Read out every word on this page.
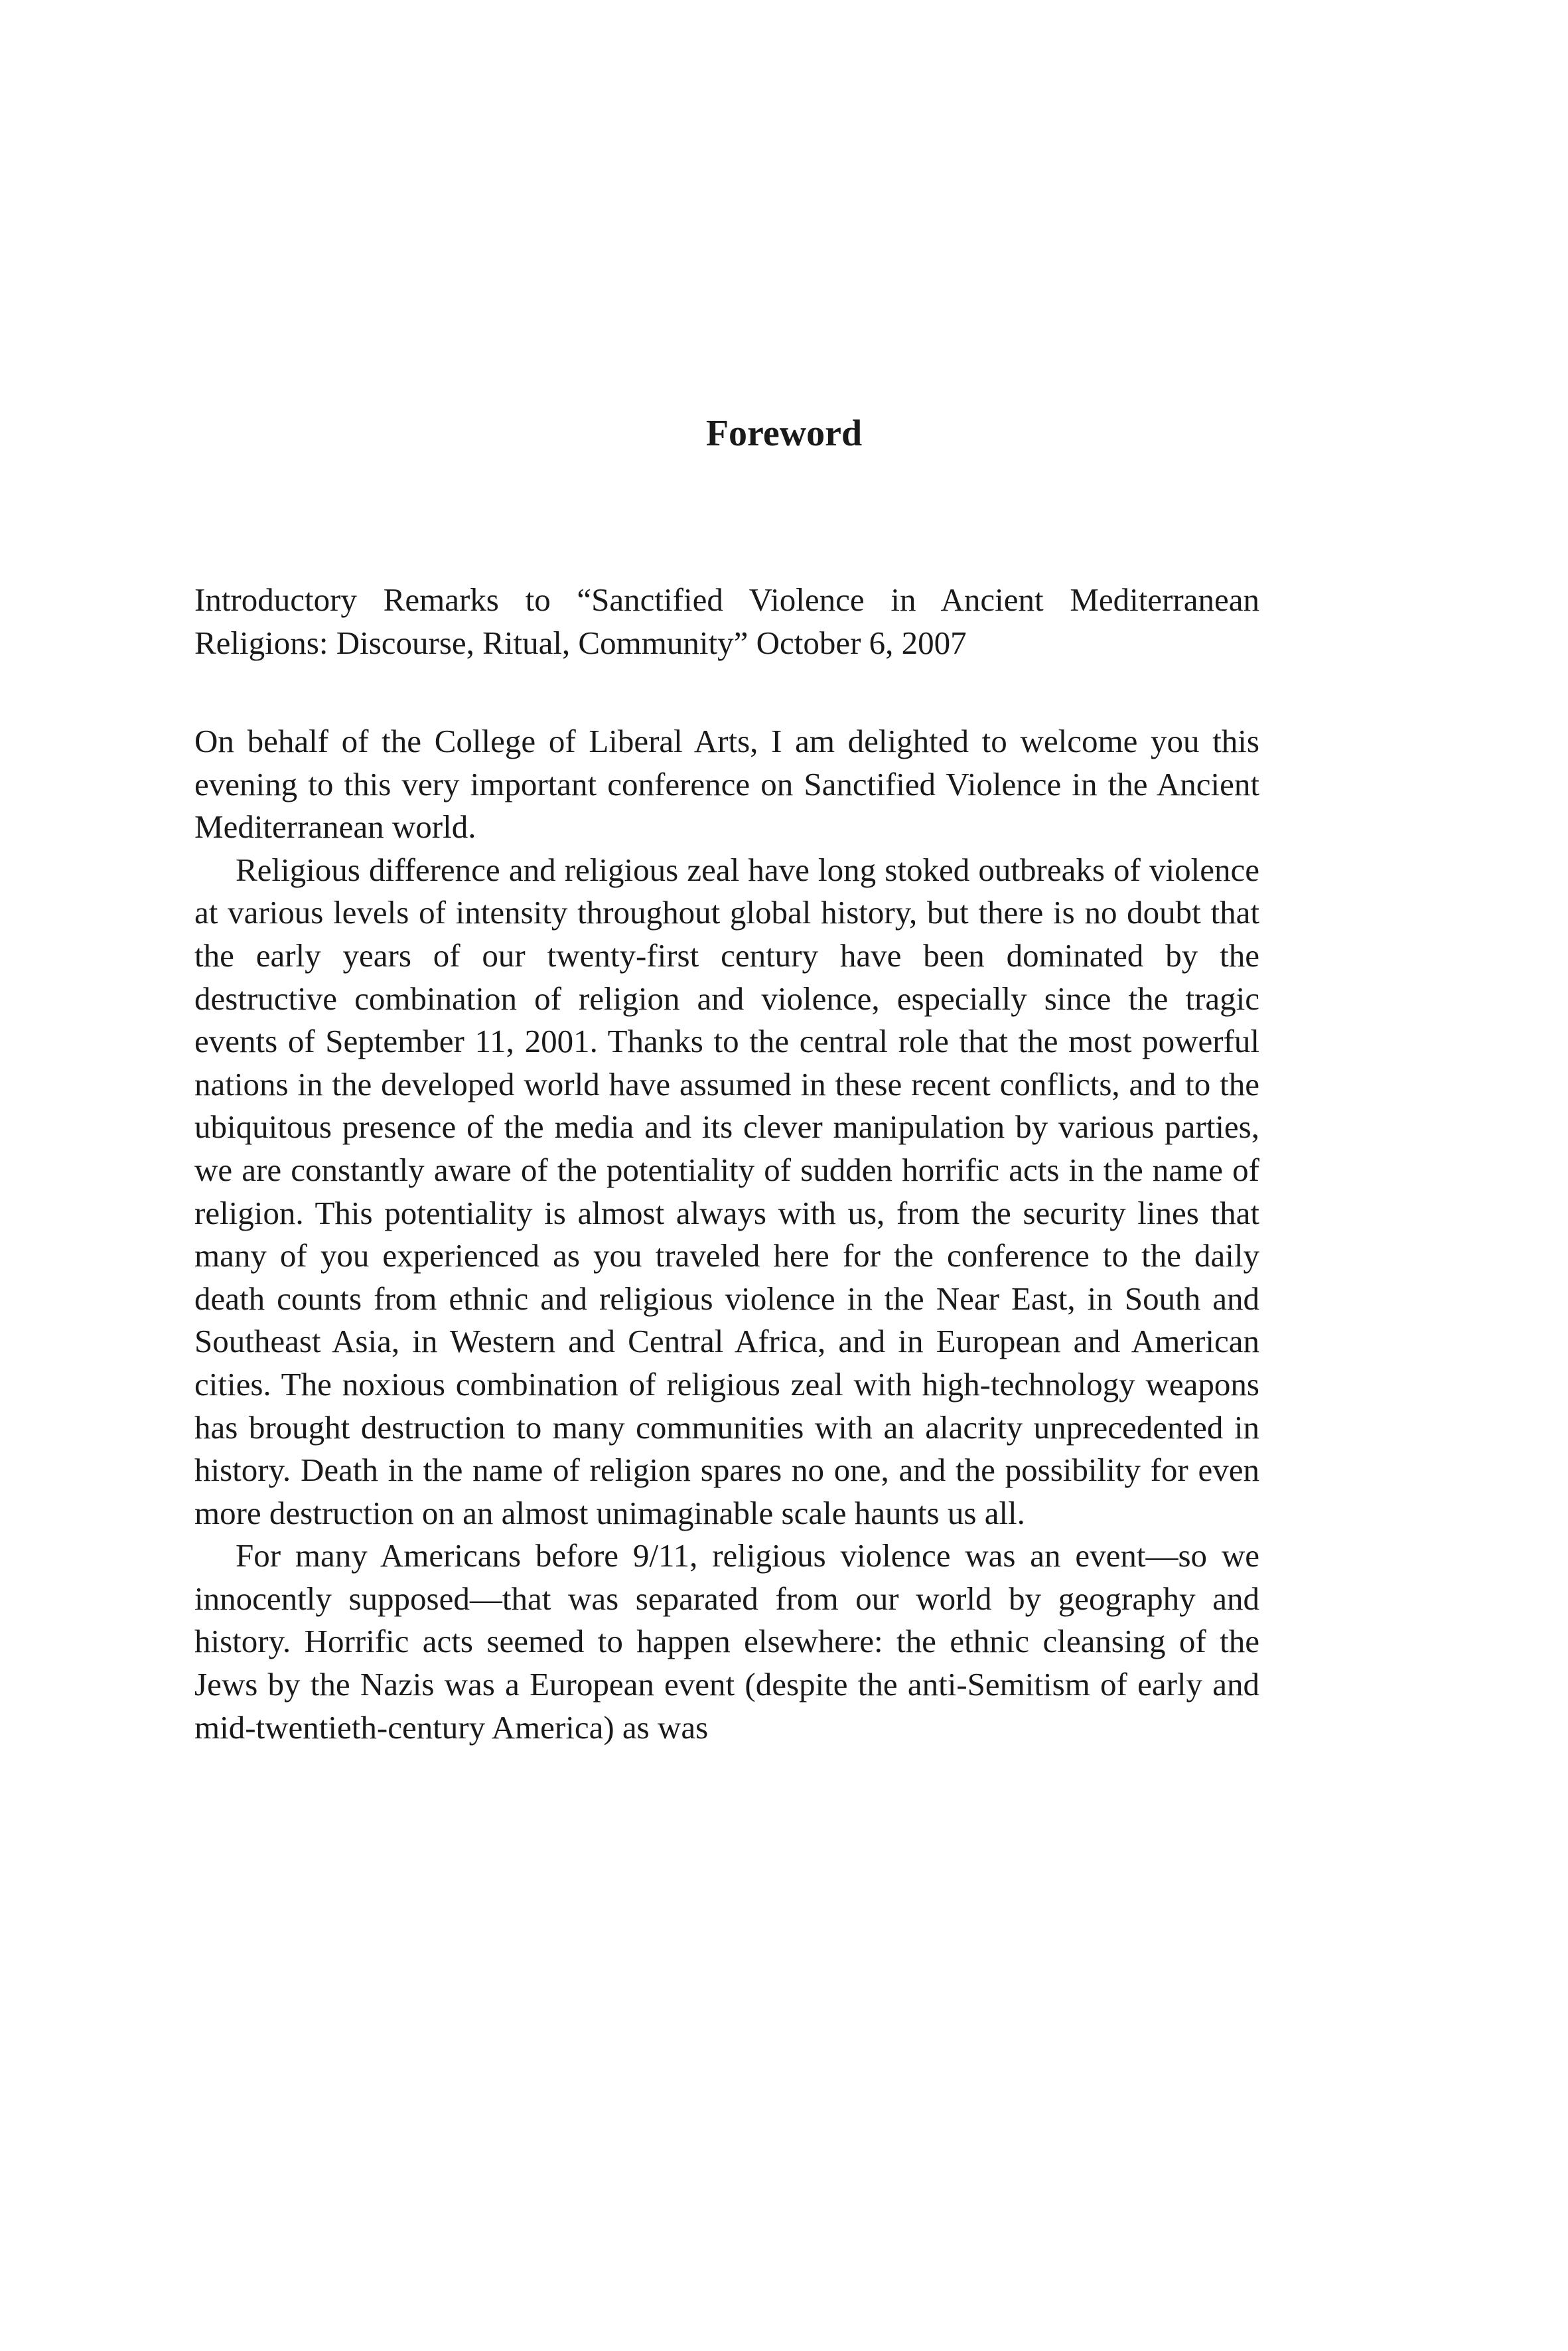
Foreword

Introductory Remarks to “Sanctified Violence in Ancient Mediterranean Religions: Discourse, Ritual, Community” October 6, 2007

On behalf of the College of Liberal Arts, I am delighted to welcome you this evening to this very important conference on Sanctified Violence in the Ancient Mediterranean world.

Religious difference and religious zeal have long stoked outbreaks of violence at various levels of intensity throughout global history, but there is no doubt that the early years of our twenty-first century have been dominated by the destructive combination of religion and violence, especially since the tragic events of September 11, 2001. Thanks to the central role that the most powerful nations in the developed world have assumed in these recent conflicts, and to the ubiquitous presence of the media and its clever manipulation by various parties, we are constantly aware of the potentiality of sudden horrific acts in the name of religion. This potentiality is almost always with us, from the security lines that many of you experienced as you traveled here for the conference to the daily death counts from ethnic and religious violence in the Near East, in South and Southeast Asia, in Western and Central Africa, and in European and American cities. The noxious combination of religious zeal with high-technology weapons has brought destruction to many communities with an alacrity unprecedented in history. Death in the name of religion spares no one, and the possibility for even more destruction on an almost unimaginable scale haunts us all.

For many Americans before 9/11, religious violence was an event—so we innocently supposed—that was separated from our world by geography and history. Horrific acts seemed to happen elsewhere: the ethnic cleansing of the Jews by the Nazis was a European event (despite the anti-Semitism of early and mid-twentieth-century America) as was
